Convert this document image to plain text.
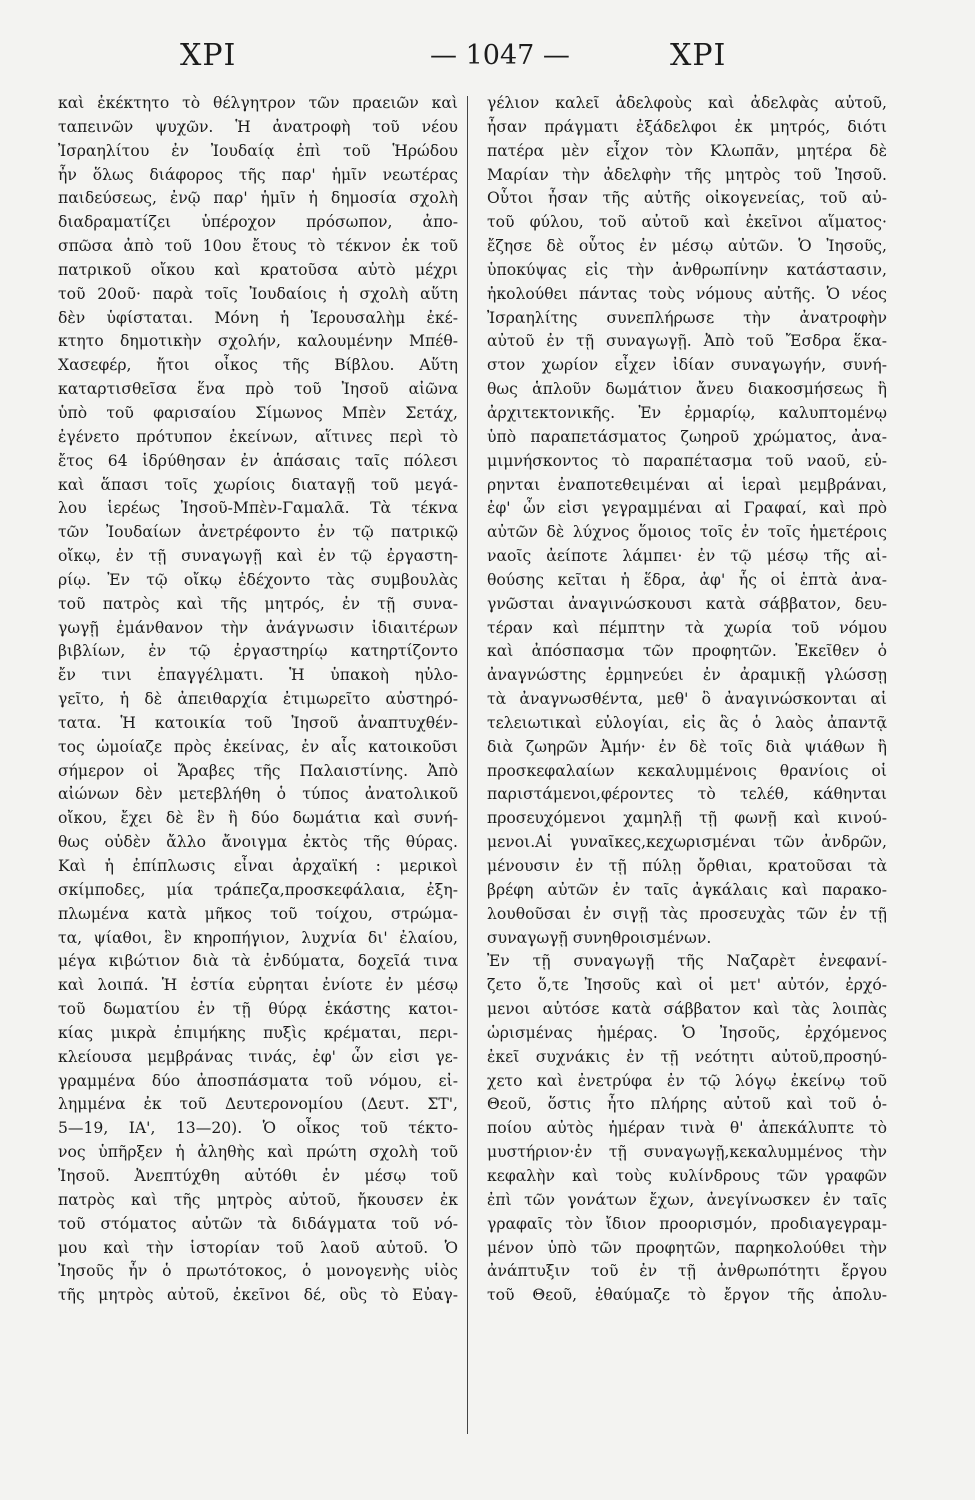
ΧΡΙ	— 1047 —	ΧΡΙ
καὶ ἐκέκτητο τὸ θέλγητρον τῶν πραειῶν καὶ
ταπεινῶν ψυχῶν. Ἡ ἀνατροφὴ τοῦ νέου
Ἰσραηλίτου ἐν Ἰουδαίᾳ ἐπὶ τοῦ Ἡρώδου
ἦν ὅλως διάφορος τῆς παρ' ἡμῖν νεωτέρας
παιδεύσεως, ἐνῷ παρ' ἡμῖν ἡ δημοσία σχολὴ
διαδραματίζει ὑπέροχον πρόσωπον, ἀπο-
σπῶσα ἀπὸ τοῦ 10ου ἔτους τὸ τέκνον ἐκ τοῦ
πατρικοῦ οἴκου καὶ κρατοῦσα αὐτὸ μέχρι
τοῦ 20οῦ· παρὰ τοῖς Ἰουδαίοις ἡ σχολὴ αὕτη
δὲν ὑφίσταται. Μόνη ἡ Ἱερουσαλὴμ ἐκέ-
κτητο δημοτικὴν σχολήν, καλουμένην Μπέθ-
Χασεφέρ, ἤτοι οἶκος τῆς Βίβλου. Αὕτη
καταρτισθεῖσα ἕνα πρὸ τοῦ Ἰησοῦ αἰῶνα
ὑπὸ τοῦ φαρισαίου Σίμωνος Μπὲν Σετάχ,
ἐγένετο πρότυπον ἐκείνων, αἵτινες περὶ τὸ
ἔτος 64 ἱδρύθησαν ἐν ἁπάσαις ταῖς πόλεσι
καὶ ἅπασι τοῖς χωρίοις διαταγῇ τοῦ μεγά-
λου ἱερέως Ἰησοῦ-Μπὲν-Γαμαλᾶ. Τὰ τέκνα
τῶν Ἰουδαίων ἀνετρέφοντο ἐν τῷ πατρικῷ
οἴκῳ, ἐν τῇ συναγωγῇ καὶ ἐν τῷ ἐργαστη-
ρίῳ. Ἐν τῷ οἴκῳ ἐδέχοντο τὰς συμβουλὰς
τοῦ πατρὸς καὶ τῆς μητρός, ἐν τῇ συνα-
γωγῇ ἐμάνθανον τὴν ἀνάγνωσιν ἰδιαιτέρων
βιβλίων, ἐν τῷ ἐργαστηρίῳ κατηρτίζοντο
ἔν τινι ἐπαγγέλματι. Ἡ ὑπακοὴ ηὐλο-
γεῖτο, ἡ δὲ ἀπειθαρχία ἐτιμωρεῖτο αὐστηρό-
τατα. Ἡ κατοικία τοῦ Ἰησοῦ ἀναπτυχθέν-
τος ὡμοίαζε πρὸς ἐκείνας, ἐν αἷς κατοικοῦσι
σήμερον οἱ Ἄραβες τῆς Παλαιστίνης. Ἀπὸ
αἰώνων δὲν μετεβλήθη ὁ τύπος ἀνατολικοῦ
οἴκου, ἔχει δὲ ἓν ἢ δύο δωμάτια καὶ συνή-
θως οὐδὲν ἄλλο ἄνοιγμα ἐκτὸς τῆς θύρας.
Καὶ ἡ ἐπίπλωσις εἶναι ἀρχαϊκή : μερικοὶ
σκίμποδες, μία τράπεζα,προσκεφάλαια, ἐξη-
πλωμένα κατὰ μῆκος τοῦ τοίχου, στρώμα-
τα, ψίαθοι, ἓν κηροπήγιον, λυχνία δι' ἐλαίου,
μέγα κιβώτιον διὰ τὰ ἐνδύματα, δοχεῖά τινα
καὶ λοιπά. Ἡ ἑστία εὑρηται ἐνίοτε ἐν μέσῳ
τοῦ δωματίου ἐν τῇ θύρᾳ ἑκάστης κατοι-
κίας μικρὰ ἐπιμήκης πυξὶς κρέμαται, περι-
κλείουσα μεμβράνας τινάς, ἐφ' ὧν εἰσι γε-
γραμμένα δύο ἀποσπάσματα τοῦ νόμου, εἰ-
λημμένα ἐκ τοῦ Δευτερονομίου (Δευτ. ΣΤ',
5—19, ΙΑ', 13—20). Ὁ οἶκος τοῦ τέκτο-
νος ὑπῆρξεν ἡ ἀληθὴς καὶ πρώτη σχολὴ τοῦ
Ἰησοῦ. Ἀνεπτύχθη αὐτόθι ἐν μέσῳ τοῦ
πατρὸς καὶ τῆς μητρὸς αὐτοῦ, ἤκουσεν ἐκ
τοῦ στόματος αὐτῶν τὰ διδάγματα τοῦ νό-
μου καὶ τὴν ἱστορίαν τοῦ λαοῦ αὐτοῦ. Ὁ
Ἰησοῦς ἦν ὁ πρωτότοκος, ὁ μονογενὴς υἱὸς
τῆς μητρὸς αὐτοῦ, ἐκεῖνοι δέ, οὓς τὸ Εὐαγ-
γέλιον καλεῖ ἀδελφοὺς καὶ ἀδελφὰς αὐτοῦ,
ἦσαν πράγματι ἐξάδελφοι ἐκ μητρός, διότι
πατέρα μὲν εἶχον τὸν Κλωπᾶν, μητέρα δὲ
Μαρίαν τὴν ἀδελφὴν τῆς μητρὸς τοῦ Ἰησοῦ.
Οὗτοι ἦσαν τῆς αὐτῆς οἰκογενείας, τοῦ αὐ-
τοῦ φύλου, τοῦ αὐτοῦ καὶ ἐκεῖνοι αἵματος·
ἔζησε δὲ οὗτος ἐν μέσῳ αὐτῶν. Ὁ Ἰησοῦς,
ὑποκύψας εἰς τὴν ἀνθρωπίνην κατάστασιν,
ἠκολούθει πάντας τοὺς νόμους αὐτῆς. Ὁ νέος
Ἰσραηλίτης συνεπλήρωσε τὴν ἀνατροφὴν
αὐτοῦ ἐν τῇ συναγωγῇ. Ἀπὸ τοῦ Ἔσδρα ἕκα-
στον χωρίον εἶχεν ἰδίαν συναγωγήν, συνή-
θως ἁπλοῦν δωμάτιον ἄνευ διακοσμήσεως ἢ
ἀρχιτεκτονικῆς. Ἐν ἐρμαρίῳ, καλυπτομένῳ
ὑπὸ παραπετάσματος ζωηροῦ χρώματος, ἀνα-
μιμνήσκοντος τὸ παραπέτασμα τοῦ ναοῦ, εὑ-
ρηνται ἐναποτεθειμέναι αἱ ἱεραὶ μεμβράναι,
ἐφ' ὧν εἰσι γεγραμμέναι αἱ Γραφαί, καὶ πρὸ
αὐτῶν δὲ λύχνος ὅμοιος τοῖς ἐν τοῖς ἡμετέροις
ναοῖς ἀείποτε λάμπει· ἐν τῷ μέσῳ τῆς αἰ-
θούσης κεῖται ἡ ἕδρα, ἀφ' ἧς οἱ ἑπτὰ ἀνα-
γνῶσται ἀναγινώσκουσι κατὰ σάββατον, δευ-
τέραν καὶ πέμπτην τὰ χωρία τοῦ νόμου
καὶ ἀπόσπασμα τῶν προφητῶν. Ἐκεῖθεν ὁ
ἀναγνώστης ἑρμηνεύει ἐν ἀραμικῇ γλώσσῃ
τὰ ἀναγνωσθέντα, μεθ' ὃ ἀναγινώσκονται αἱ
τελειωτικαὶ εὐλογίαι, εἰς ἃς ὁ λαὸς ἀπαντᾷ
διὰ ζωηρῶν Ἀμήν· ἐν δὲ τοῖς διὰ ψιάθων ἢ
προσκεφαλαίων κεκαλυμμένοις θρανίοις οἱ
παριστάμενοι,φέροντες τὸ τελέθ, κάθηνται
προσευχόμενοι χαμηλῇ τῇ φωνῇ καὶ κινού-
μενοι.Αἱ γυναῖκες,κεχωρισμέναι τῶν ἀνδρῶν,
μένουσιν ἐν τῇ πύλῃ ὄρθιαι, κρατοῦσαι τὰ
βρέφη αὐτῶν ἐν ταῖς ἀγκάλαις καὶ παρακο-
λουθοῦσαι ἐν σιγῇ τὰς προσευχὰς τῶν ἐν τῇ
συναγωγῇ συνηθροισμένων.
Ἐν τῇ συναγωγῇ τῆς Ναζαρὲτ ἐνεφανί-
ζετο ὅ,τε Ἰησοῦς καὶ οἱ μετ' αὐτόν, ἐρχό-
μενοι αὐτόσε κατὰ σάββατον καὶ τὰς λοιπὰς
ὡρισμένας ἡμέρας. Ὁ Ἰησοῦς, ἐρχόμενος
ἐκεῖ συχνάκις ἐν τῇ νεότητι αὐτοῦ,προσηύ-
χετο καὶ ἐνετρύφα ἐν τῷ λόγῳ ἐκείνῳ τοῦ
Θεοῦ, ὅστις ἦτο πλήρης αὐτοῦ καὶ τοῦ ὁ-
ποίου αὐτὸς ἡμέραν τινὰ θ' ἀπεκάλυπτε τὸ
μυστήριον·ἐν τῇ συναγωγῇ,κεκαλυμμένος τὴν
κεφαλὴν καὶ τοὺς κυλίνδρους τῶν γραφῶν
ἐπὶ τῶν γονάτων ἔχων, ἀνεγίνωσκεν ἐν ταῖς
γραφαῖς τὸν ἴδιον προορισμόν, προδιαγεγραμ-
μένον ὑπὸ τῶν προφητῶν, παρηκολούθει τὴν
ἀνάπτυξιν τοῦ ἐν τῇ ἀνθρωπότητι ἔργου
τοῦ Θεοῦ, ἐθαύμαζε τὸ ἔργον τῆς ἀπολυ-
